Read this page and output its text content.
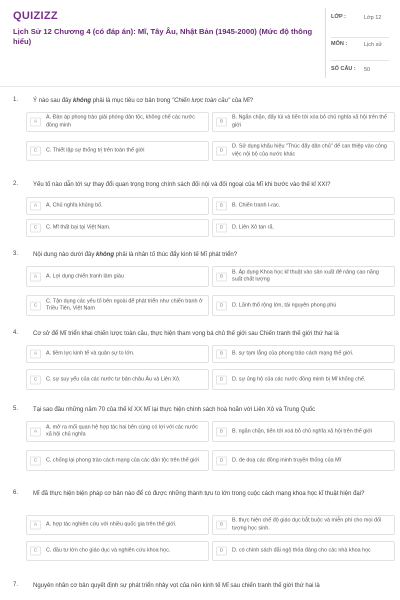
QUIZIZZ
Lịch Sử 12 Chương 4 (có đáp án): Mĩ, Tây Âu, Nhật Bản (1945-2000) (Mức độ thông hiểu)
LỚP :	Lớp 12
MÔN :	Lịch sử
SỐ CÂU : 50
1. Ý nào sau đây không phải là mục tiêu cơ bản trong "Chiến lược toàn cầu" của Mĩ?
A
A. Đàn áp phong trào giải phóng dân tộc, không chế các nước đồng minh	B
B. Ngăn chặn, đẩy lùi và tiến tới xóa bỏ chủ nghĩa xã hội trên thế giới
C	C. Thiết lập sự thống trị trên toàn thế giới	D
D. Sử dụng khẩu hiệu "Thúc đẩy dân chủ" để can thiệp vào công việc nội bộ của nước khác
2. Yếu tố nào dẫn tới sự thay đổi quan trọng trong chính sách đối nội và đối ngoại của Mĩ khi bước vào thế kỉ XXI?
A	A. Chủ nghĩa khủng bố.	B	B. Chiến tranh I-rac.
C	C. Mĩ thất bại tại Việt Nam.	D	D. Liên Xô tan rã.
3. Nội dung nào dưới đây không phải là nhân tố thúc đẩy kinh tế Mĩ phát triển?
A	A. Lợi dụng chiến tranh làm giàu	B
B. Áp dụng Khoa học kĩ thuật vào sản xuất để nâng cao năng suất chất lượng
C
C. Tận dụng các yếu tố bên ngoài để phát triển như chiến tranh ở Triều Tiên, Việt Nam	D	D. Lãnh thổ rộng lớn, tài nguyên phong phú
4. Cơ sở để Mĩ triển khai chiến lược toàn cầu, thực hiện tham vọng bá chủ thế giới sau Chiến tranh thế giới thứ hai là
A	A. tiềm lực kinh tế và quân sự to lớn.	B	B. sự tạm lắng của phong trào cách mạng thế giới.
C	C. sự suy yếu của các nước tư bản châu Âu và Liên Xô.	D	D. sự ủng hộ của các nước đồng minh bị Mĩ khống chế.
5. Tại sao đầu những năm 70 của thế kỉ XX Mĩ lại thực hiện chính sách hoà hoãn với Liên Xô và Trung Quốc
A
A. mở ra mối quan hệ hợp tác hai bên cùng có lợi với các nước xã hội chủ nghĩa	B	B. ngăn chặn, tiến tới xoá bỏ chủ nghĩa xã hội trên thế giới
C	C. chống lại phong trào cách mạng của các dân tộc trên thế giới	D	D. đe doạ các đồng minh truyền thống của Mĩ
6. Mĩ đã thực hiện biện pháp cơ bản nào để có được những thành tựu to lớn trong cuộc cách mạng khoa học kĩ thuật hiện đại?
A	A. hợp tác nghiên cứu với nhiều quốc gia trên thế giới.	B
B. thực hiện chế độ giáo dục bắt buộc và miễn phí cho mọi đối tượng học sinh.
C	C. đầu tư lớn cho giáo dục và nghiên cứu khoa học.	D	D. có chính sách đãi ngộ thỏa đáng cho các nhà khoa học
7. Nguyên nhân cơ bản quyết định sự phát triển nhảy vọt của nền kinh tế Mĩ sau chiến tranh thế giới thứ hai là
